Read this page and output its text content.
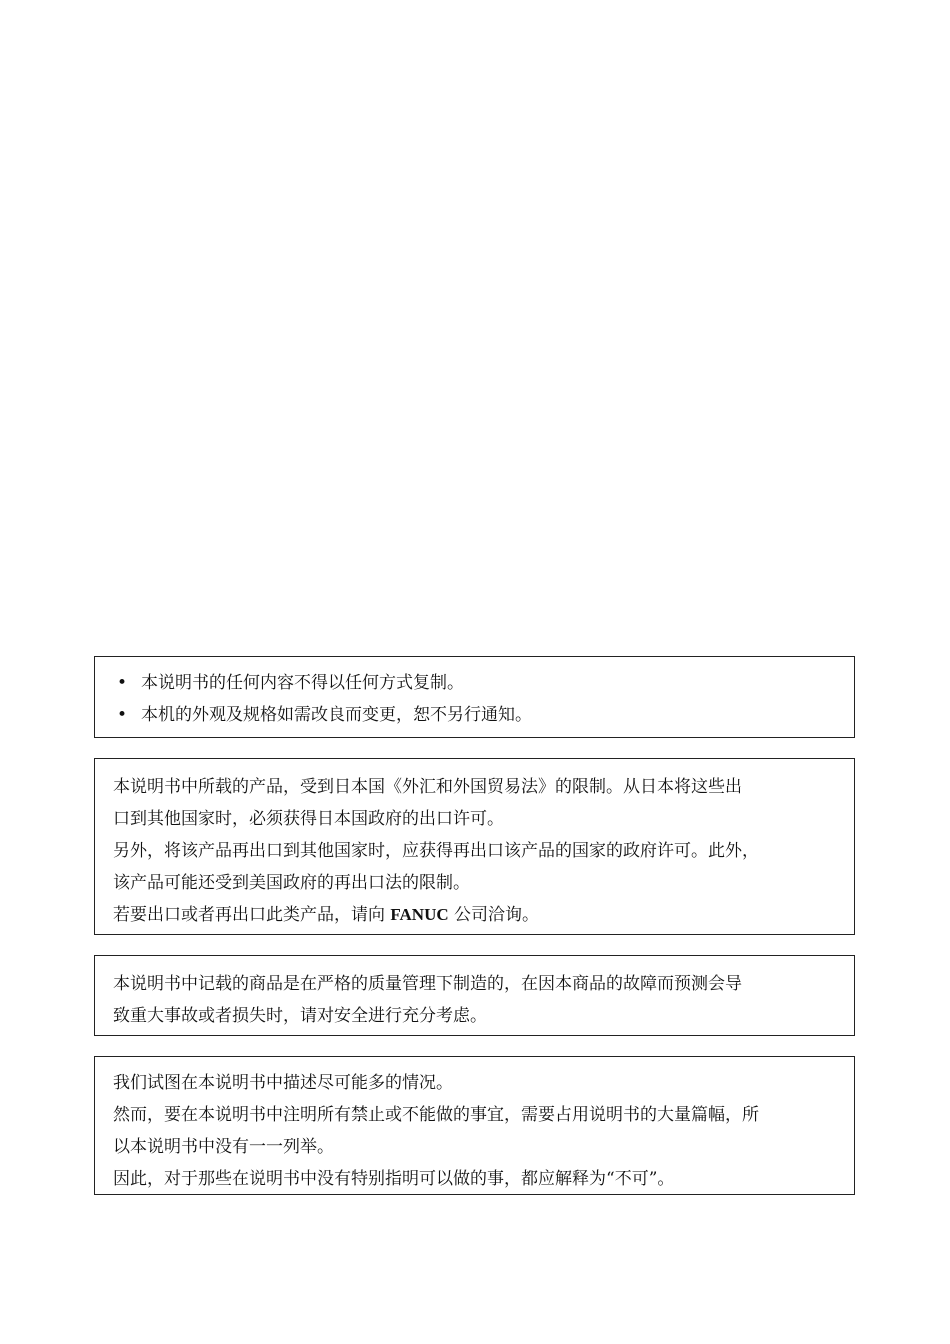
• 本说明书的任何内容不得以任何方式复制。
• 本机的外观及规格如需改良而变更，恕不另行通知。
本说明书中所载的产品，受到日本国《外汇和外国贸易法》的限制。从日本将这些出
口到其他国家时，必须获得日本国政府的出口许可。
另外，将该产品再出口到其他国家时，应获得再出口该产品的国家的政府许可。此外，
该产品可能还受到美国政府的再出口法的限制。
若要出口或者再出口此类产品，请向 FANUC 公司洽询。
本说明书中记载的商品是在严格的质量管理下制造的，在因本商品的故障而预测会导
致重大事故或者损失时，请对安全进行充分考虑。
我们试图在本说明书中描述尽可能多的情况。
然而，要在本说明书中注明所有禁止或不能做的事宜，需要占用说明书的大量篇幅，所
以本说明书中没有一一列举。
因此，对于那些在说明书中没有特别指明可以做的事，都应解释为“不可”。
